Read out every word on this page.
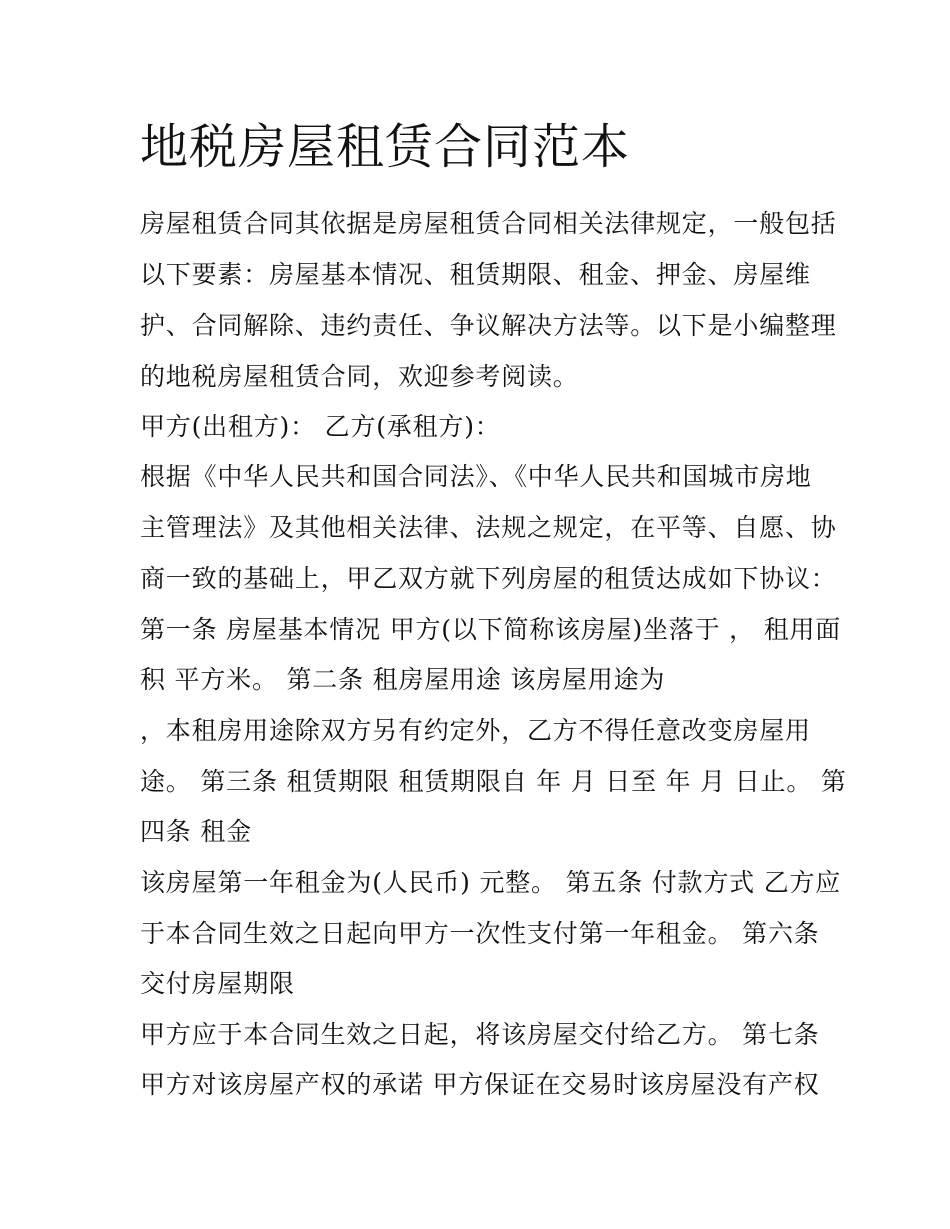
地税房屋租赁合同范本

房屋租赁合同其依据是房屋租赁合同相关法律规定，一般包括

以下要素：房屋基本情况、租赁期限、租金、押金、房屋维

护、合同解除、违约责任、争议解决方法等。以下是小编整理

的地税房屋租赁合同，欢迎参考阅读。

甲方(出租方)： 乙方(承租方)：

根据《中华人民共和国合同法》、《中华人民共和国城市房地

主管理法》及其他相关法律、法规之规定，在平等、自愿、协

商一致的基础上，甲乙双方就下列房屋的租赁达成如下协议：

第一条 房屋基本情况 甲方(以下简称该房屋)坐落于 ， 租用面

积 平方米。 第二条 租房屋用途 该房屋用途为

，本租房用途除双方另有约定外，乙方不得任意改变房屋用

途。 第三条 租赁期限 租赁期限自 年 月 日至 年 月 日止。 第

四条 租金

该房屋第一年租金为(人民币) 元整。 第五条 付款方式 乙方应

于本合同生效之日起向甲方一次性支付第一年租金。 第六条

交付房屋期限

甲方应于本合同生效之日起，将该房屋交付给乙方。 第七条

甲方对该房屋产权的承诺 甲方保证在交易时该房屋没有产权
